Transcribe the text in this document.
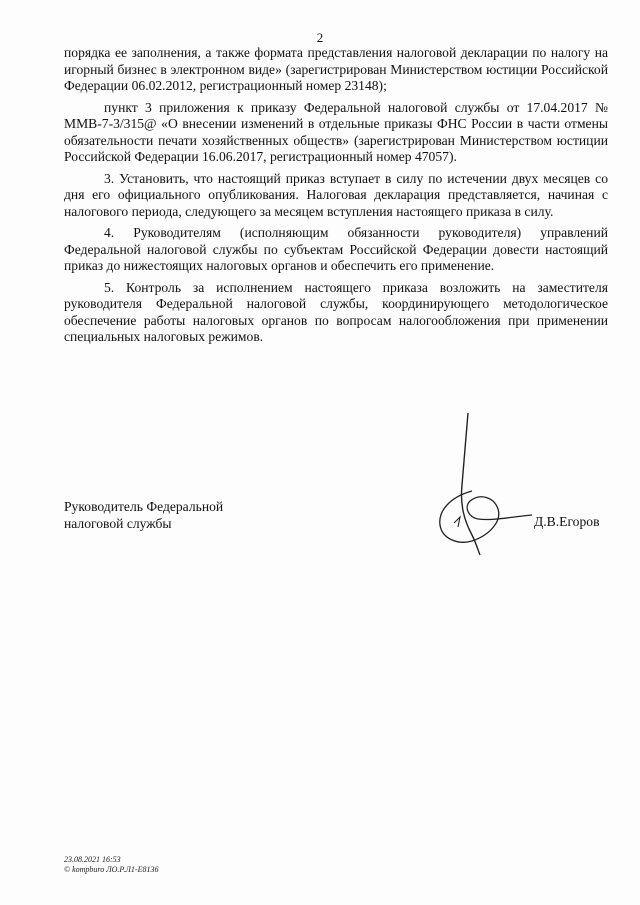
2

порядка ее заполнения, а также формата представления налоговой декларации по налогу на игорный бизнес в электронном виде» (зарегистрирован Министерством юстиции Российской Федерации 06.02.2012, регистрационный номер 23148);

пункт 3 приложения к приказу Федеральной налоговой службы от 17.04.2017 № ММВ-7-3/315@ «О внесении изменений в отдельные приказы ФНС России в части отмены обязательности печати хозяйственных обществ» (зарегистрирован Министерством юстиции Российской Федерации 16.06.2017, регистрационный номер 47057).

3. Установить, что настоящий приказ вступает в силу по истечении двух месяцев со дня его официального опубликования. Налоговая декларация представляется, начиная с налогового периода, следующего за месяцем вступления настоящего приказа в силу.

4. Руководителям (исполняющим обязанности руководителя) управлений Федеральной налоговой службы по субъектам Российской Федерации довести настоящий приказ до нижестоящих налоговых органов и обеспечить его применение.

5. Контроль за исполнением настоящего приказа возложить на заместителя руководителя Федеральной налоговой службы, координирующего методологическое обеспечение работы налоговых органов по вопросам налогообложения при применении специальных налоговых режимов.

Руководитель Федеральной
налоговой службы	Д.В.Егоров
23.08.2021 16:53
© kompburo ЛО.Р.Л1-Е8136
